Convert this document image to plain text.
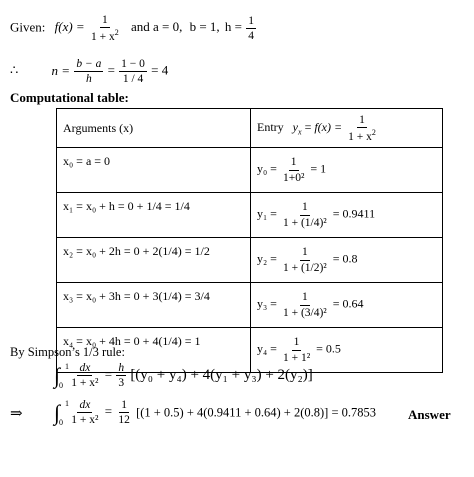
Given: $f(x) = \frac{1}{1 + x^2}$ and a = 0, b = 1, $h = \frac{1}{4}$
∴	$n = \frac{b - a}{h} = \frac{1 - 0}{1 / 4} = 4$
Computational table:
Arguments (x)	Entry $y_x = f(x) = \frac{1}{1 + x^2}$

x₀ = a = 0	$y_0 = \frac{1}{\text{1+0²}} = 1$
x₁ = x₀ + h = 0 + 1/4 = 1/4	$y_1 = \frac{1}{\text{1 + (1/4)²}} = 0.9411$
x₂ = x₀ + 2h = 0 + 2(1/4) = 1/2	$y_2 = \frac{1}{\text{1 + (1/2)²}} = 0.8$
x₃ = x₀ + 3h = 0 + 3(1/4) = 3/4	$y_3 = \frac{1}{\text{1 + (3/4)²}} = 0.64$
x₄ = x₀ + 4h = 0 + 4(1/4) = 1	$y_4 = \frac{1}{\text{1 + 1²}} = 0.5$
By Simpson’s 1/3 rule:
∫ 1
0
$\frac{dx}{\text{1 + x²}} = \frac{h}{3} [(y_0 + y_4) + 4(y_1 + y_3) + 2(y_2)]$
⇒ ∫ 1
0
$\frac{dx}{\text{1 + x²}} = \frac{1}{12} [(1 + 0.5) + 4(0.9411 + 0.64) + 2(0.8)] = 0.7853$ Answer
